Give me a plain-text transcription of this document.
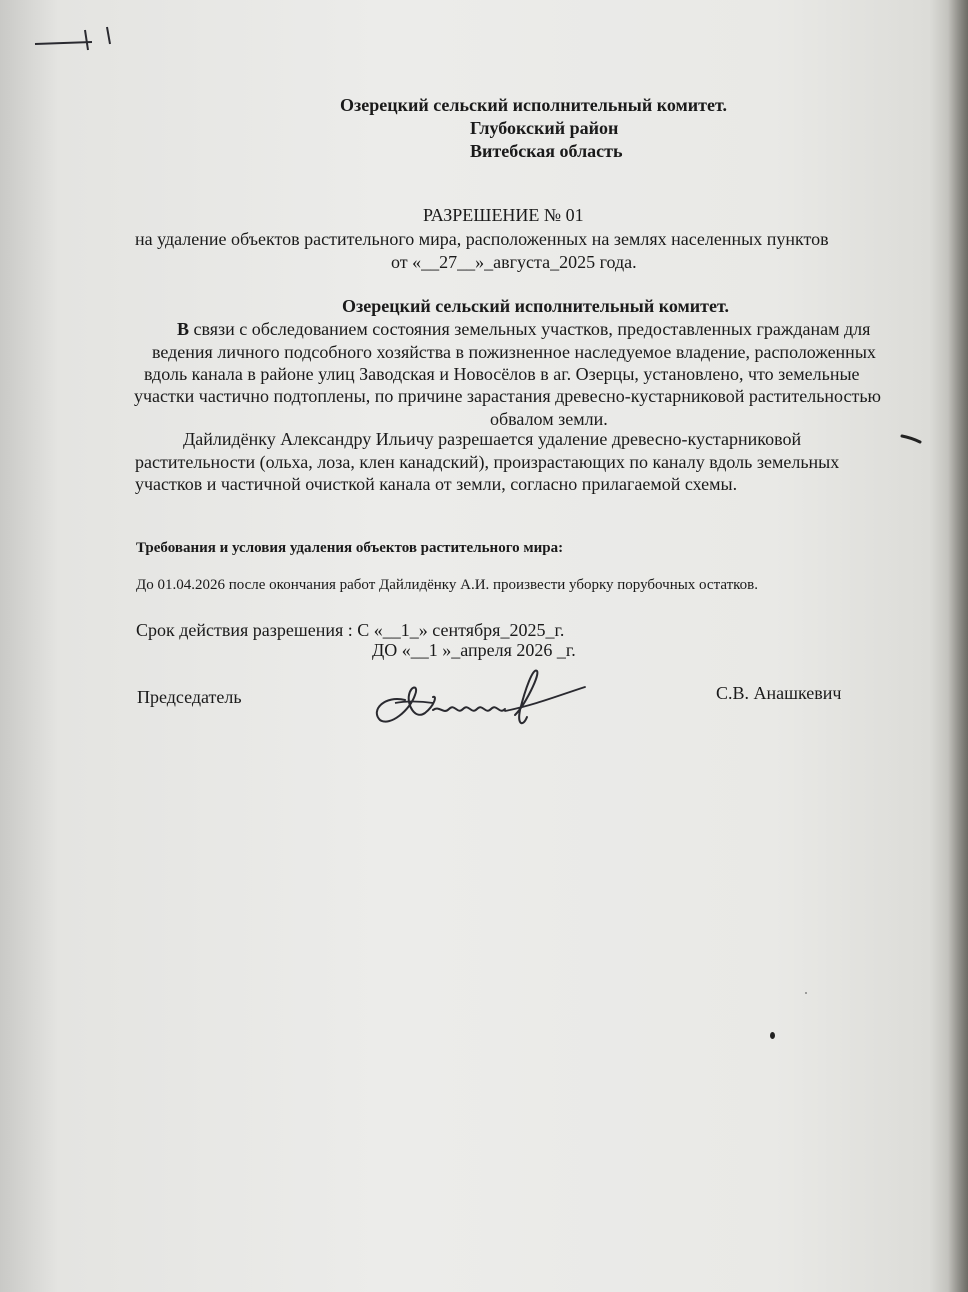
Озерецкий сельский исполнительный комитет.
Глубокский район
Витебская область
РАЗРЕШЕНИЕ № 01
на удаление объектов растительного мира, расположенных на землях населенных пунктов
от «__27__»_августа_2025 года.
Озерецкий сельский исполнительный комитет.
В связи с обследованием состояния земельных участков, предоставленных гражданам для
ведения личного подсобного хозяйства в пожизненное наследуемое владение, расположенных
вдоль канала в районе улиц Заводская и Новосёлов в аг. Озерцы, установлено, что земельные
участки частично подтоплены, по причине зарастания древесно-кустарниковой растительностью
обвалом земли.
Дайлидёнку Александру Ильичу разрешается удаление древесно-кустарниковой
растительности (ольха, лоза, клен канадский), произрастающих по каналу вдоль земельных
участков и частичной очисткой канала от земли, согласно прилагаемой схемы.
Требования и условия удаления объектов растительного мира:
До 01.04.2026 после окончания работ Дайлидёнку А.И. произвести уборку порубочных остатков.
Срок действия разрешения : С «__1_» сентября_2025_г.
ДО «__1 »_апреля 2026 _г.
Председатель	С.В. Анашкевич
